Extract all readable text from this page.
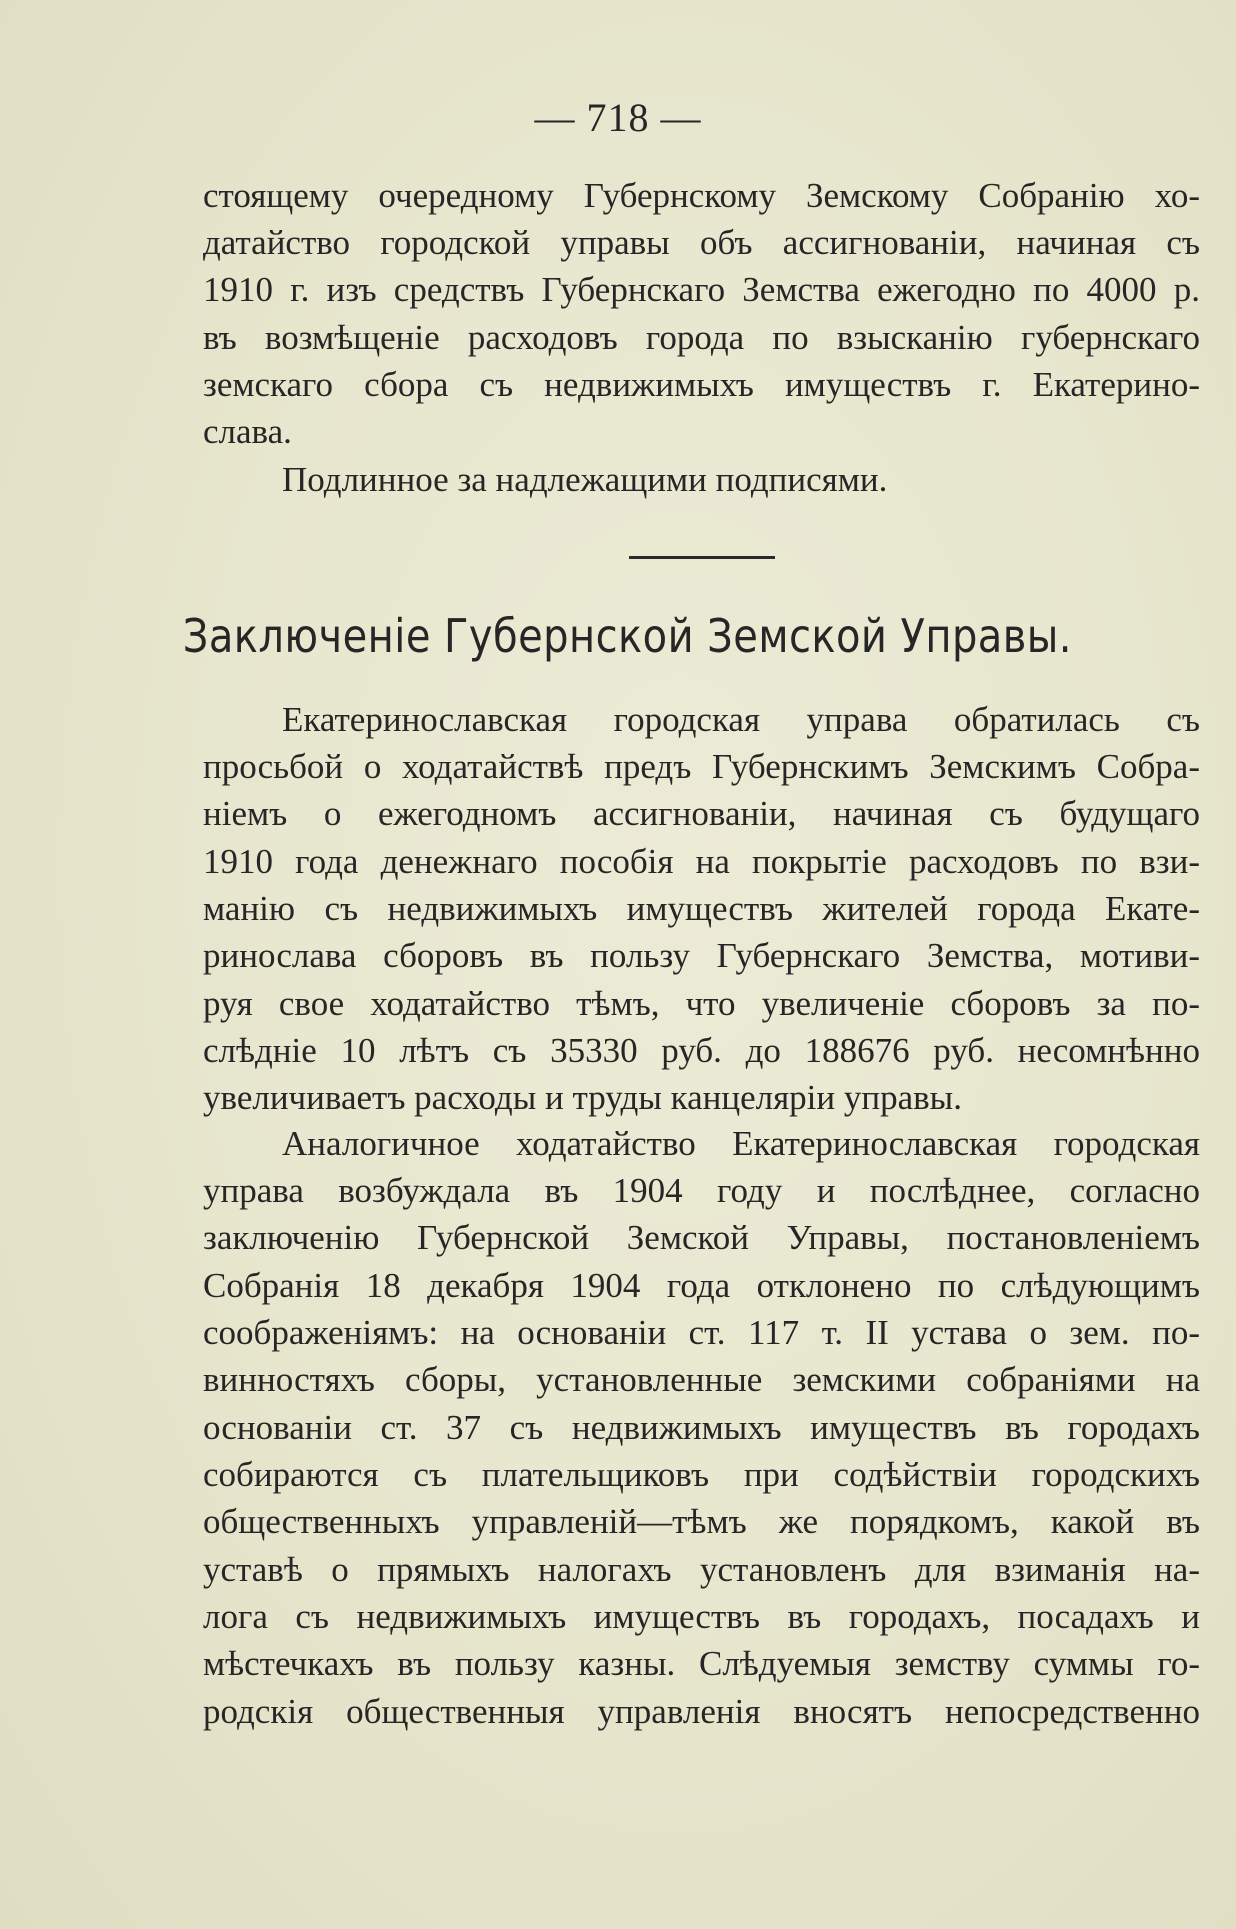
— 718 —
стоящему очередному Губернскому Земскому Собранію хо-
датайство городской управы объ ассигнованіи, начиная съ
1910 г. изъ средствъ Губернскаго Земства ежегодно по 4000 р.
въ возмѣщеніе расходовъ города по взысканію губернскаго
земскаго сбора съ недвижимыхъ имуществъ г. Екатерино-
слава.
Подлинное за надлежащими подписями.
Заключеніе Губернской Земской Управы.
Екатеринославская городская управа обратилась съ
просьбой о ходатайствѣ предъ Губернскимъ Земскимъ Собра-
ніемъ о ежегодномъ ассигнованіи, начиная съ будущаго
1910 года денежнаго пособія на покрытіе расходовъ по взи-
манію съ недвижимыхъ имуществъ жителей города Екате-
ринослава сборовъ въ пользу Губернскаго Земства, мотиви-
руя свое ходатайство тѣмъ, что увеличеніе сборовъ за по-
слѣдніе 10 лѣтъ съ 35330 руб. до 188676 руб. несомнѣнно
увеличиваетъ расходы и труды канцеляріи управы.
Аналогичное ходатайство Екатеринославская городская
управа возбуждала въ 1904 году и послѣднее, согласно
заключенію Губернской Земской Управы, постановленіемъ
Собранія 18 декабря 1904 года отклонено по слѣдующимъ
соображеніямъ: на основаніи ст. 117 т. II устава о зем. по-
винностяхъ сборы, установленные земскими собраніями на
основаніи ст. 37 съ недвижимыхъ имуществъ въ городахъ
собираются съ плательщиковъ при содѣйствіи городскихъ
общественныхъ управленій—тѣмъ же порядкомъ, какой въ
уставѣ о прямыхъ налогахъ установленъ для взиманія на-
лога съ недвижимыхъ имуществъ въ городахъ, посадахъ и
мѣстечкахъ въ пользу казны. Слѣдуемыя земству суммы го-
родскія общественныя управленія вносятъ непосредственно
